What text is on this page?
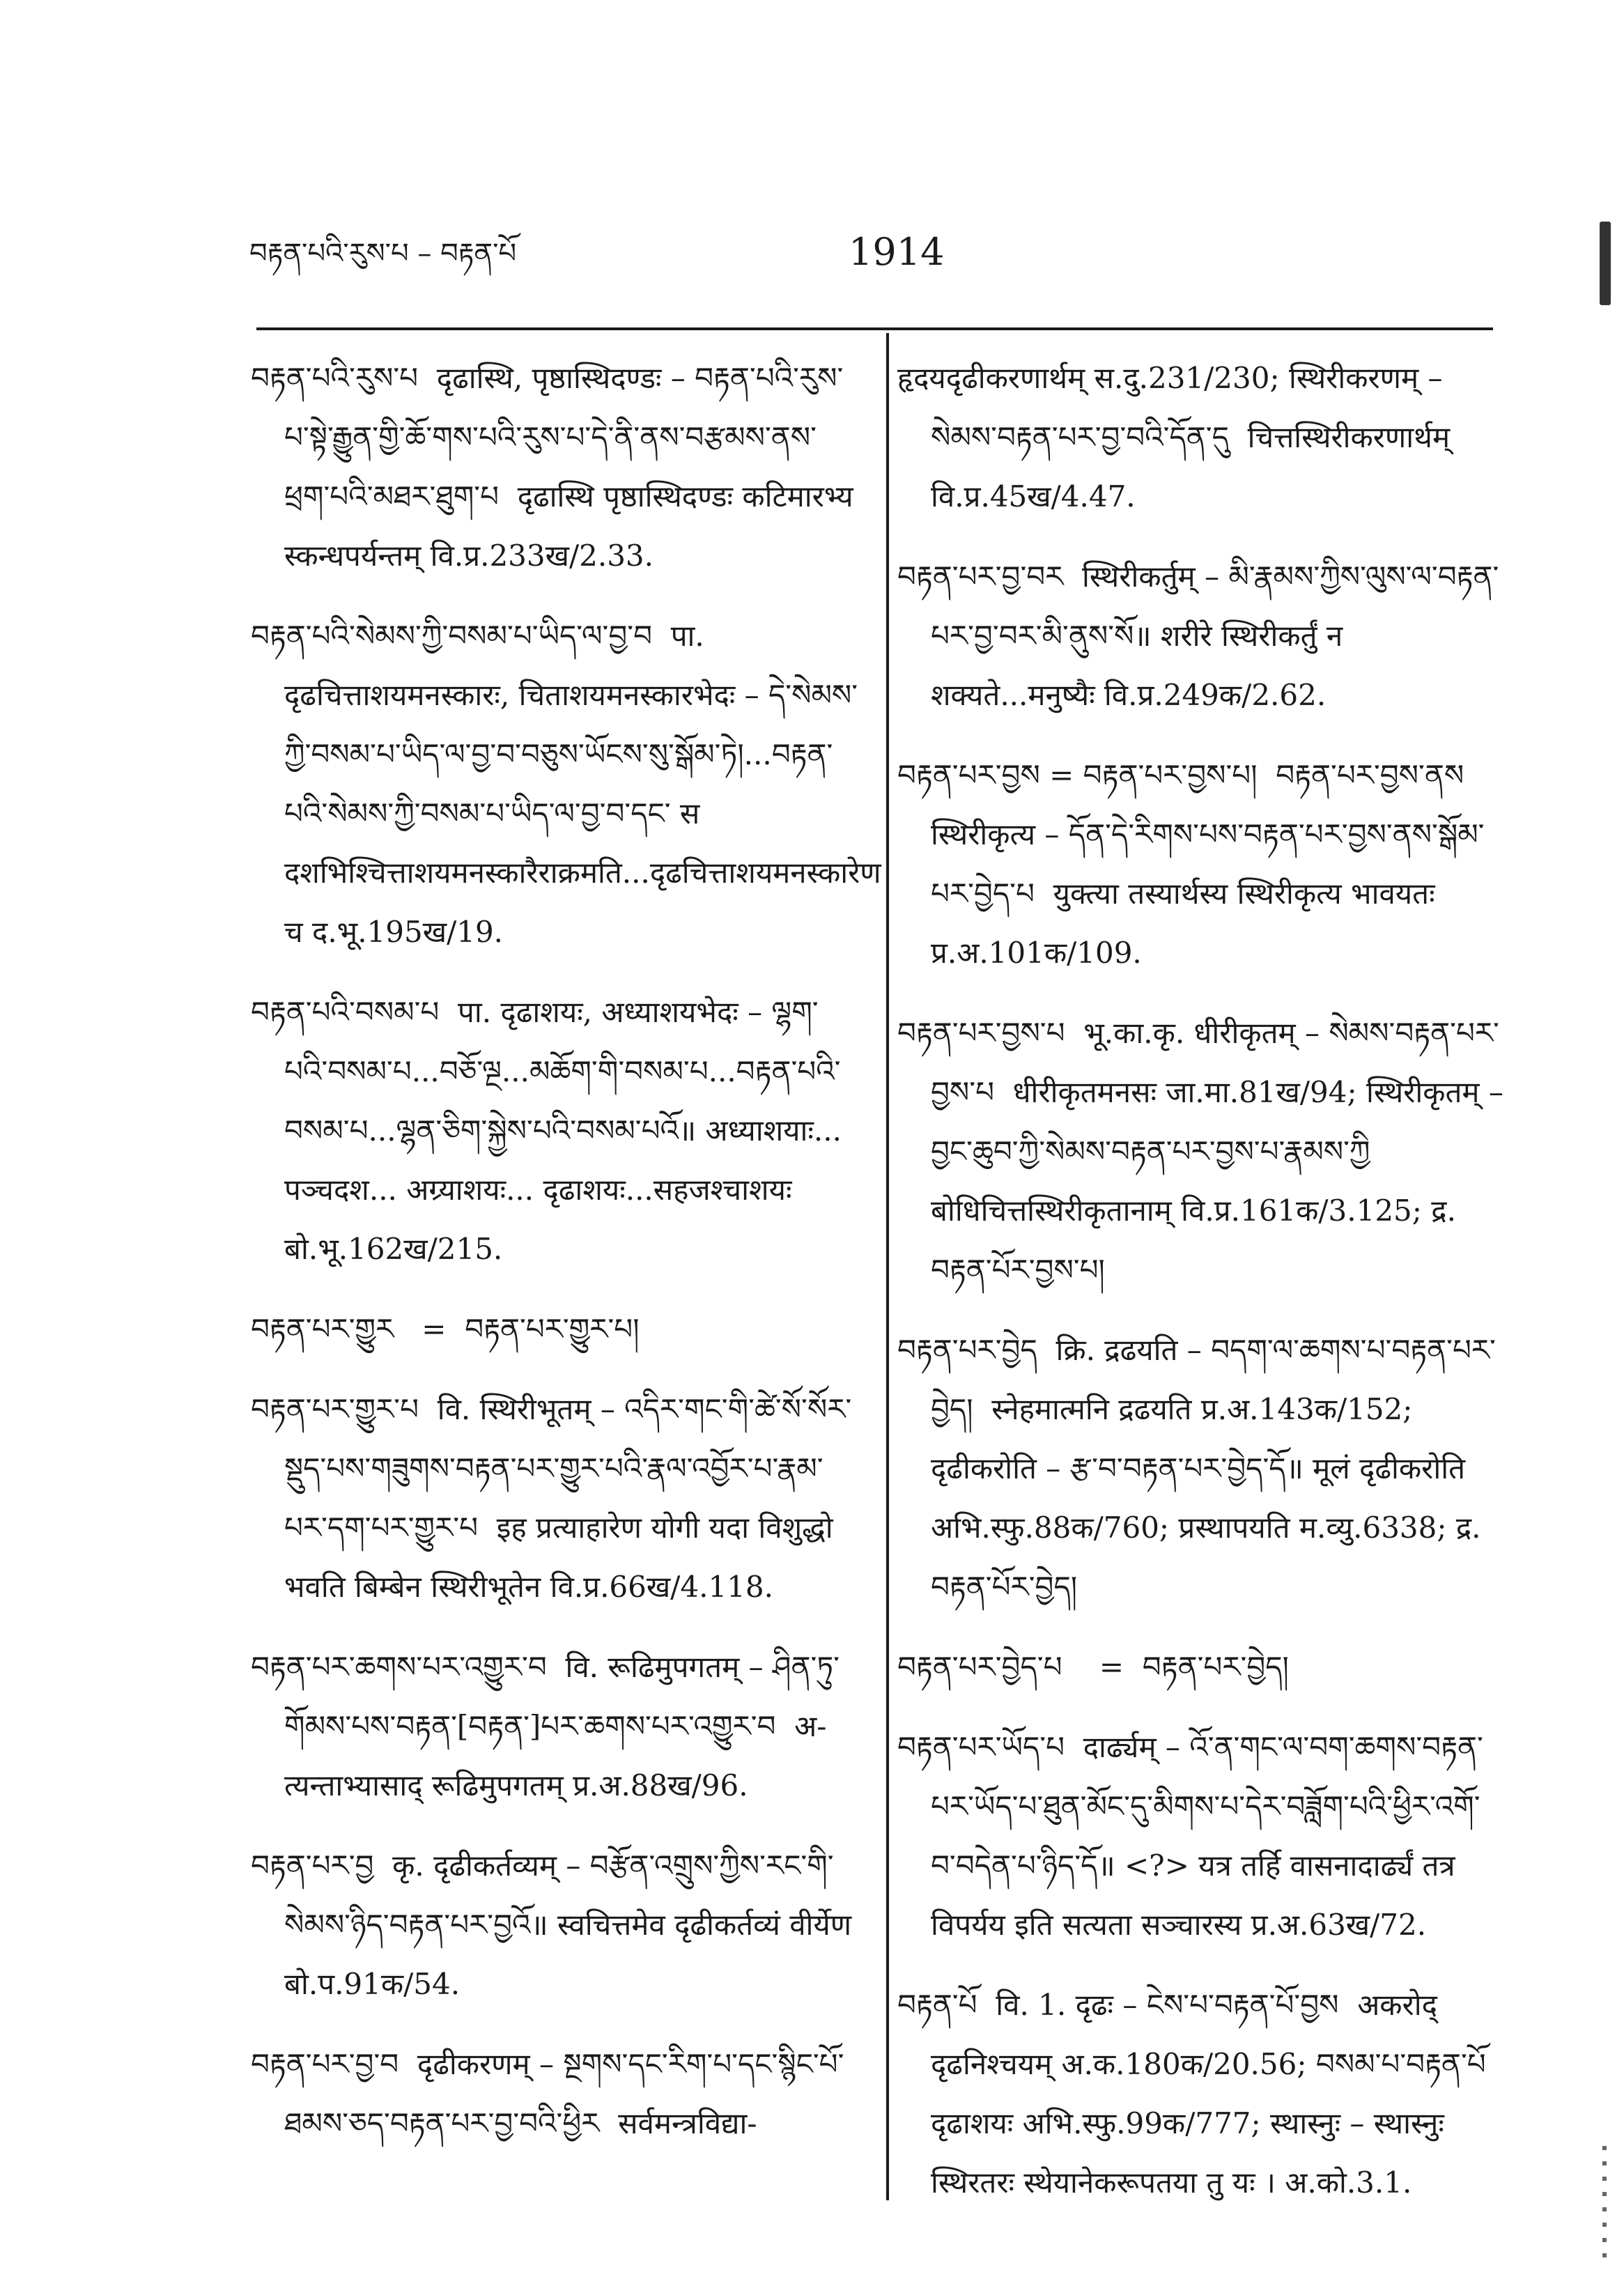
བརྟན་པའི་རུས་པ – བརྟན་པོ	1914

བརྟན་པའི་རུས་པ  दृढास्थि, पृष्ठास्थिदण्डः – བརྟན་པའི་རུས་པ་སྟེ་རྒྱུན་གྱི་ཆོ་གས་པའི་རུས་པ་དེ་ནི་ནས་བརྩམས་ནས་ཕྲག་པའི་མཐར་ཐུག་པ  दृढास्थि पृष्ठास्थिदण्डः कटिमारभ्य स्कन्धपर्यन्तम् वि.प्र.233ख/2.33.

བརྟན་པའི་སེམས་ཀྱི་བསམ་པ་ཡིད་ལ་བྱ་བ  पा. दृढचित्ताशयमनस्कारः, चिताशयमनस्कारभेदः – དེ་སེམས་ཀྱི་བསམ་པ་ཡིད་ལ་བྱ་བ་བཅུས་ཡོངས་སུ་སྒོམ་ཏེ།...བརྟན་པའི་སེམས་ཀྱི་བསམ་པ་ཡིད་ལ་བྱ་བ་དང་ स दशभिश्चित्ताशयमनस्कारैराक्रमति...दृढचित्ताशयमनस्कारेण च द.भू.195ख/19.

བརྟན་པའི་བསམ་པ  पा. दृढाशयः, अध्याशयभेदः – ལྷག་པའི་བསམ་པ...བཅོ་ལྔ...མཆོག་གི་བསམ་པ...བརྟན་པའི་བསམ་པ...ལྷན་ཅིག་སྐྱེས་པའི་བསམ་པའོ॥ अध्याशयाः... पञ्चदश... अग्र्याशयः... दृढाशयः...सहजश्चाशयः बो.भू.162ख/215.

བརྟན་པར་གྱུར   =  བརྟན་པར་གྱུར་པ།

བརྟན་པར་གྱུར་པ  वि. स्थिरीभूतम् – འདིར་གང་གི་ཚེ་སོ་སོར་སྡུད་པས་གཟུགས་བརྟན་པར་གྱུར་པའི་རྣལ་འབྱོར་པ་རྣམ་པར་དག་པར་གྱུར་པ  इह प्रत्याहारेण योगी यदा विशुद्धो भवति बिम्बेन स्थिरीभूतेन वि.प्र.66ख/4.118.

བརྟན་པར་ཆགས་པར་འགྱུར་བ  वि. रूढिमुपगतम् – ཤིན་ཏུ་གོམས་པས་བརྟན་[བརྟན་]པར་ཆགས་པར་འགྱུར་བ  अ- त्यन्ताभ्यासाद् रूढिमुपगतम् प्र.अ.88ख/96.

བརྟན་པར་བྱ  कृ. दृढीकर्तव्यम् – བརྩོན་འགྲུས་ཀྱིས་རང་གི་སེམས་ཉིད་བརྟན་པར་བྱའོ॥ स्वचित्तमेव दृढीकर्तव्यं वीर्येण बो.प.91क/54.

བརྟན་པར་བྱ་བ  दृढीकरणम् – སྔགས་དང་རིག་པ་དང་སྙིང་པོ་ཐམས་ཅད་བརྟན་པར་བྱ་བའི་ཕྱིར  सर्वमन्त्रविद्या-

हृदयदृढीकरणार्थम् स.दु.231/230; स्थिरीकरणम् – སེམས་བརྟན་པར་བྱ་བའི་དོན་དུ  चित्तस्थिरीकरणार्थम् वि.प्र.45ख/4.47.

བརྟན་པར་བྱ་བར  स्थिरीकर्तुम् – མི་རྣམས་ཀྱིས་ལུས་ལ་བརྟན་པར་བྱ་བར་མི་ནུས་སོ॥ शरीरे स्थिरीकर्तुं न शक्यते...मनुष्यैः वि.प्र.249क/2.62.

བརྟན་པར་བྱས = བརྟན་པར་བྱས་པ།  བརྟན་པར་བྱས་ནས  स्थिरीकृत्य – དོན་དེ་རིགས་པས་བརྟན་པར་བྱས་ནས་སྒོམ་པར་བྱེད་པ  युक्त्या तस्यार्थस्य स्थिरीकृत्य भावयतः प्र.अ.101क/109.

བརྟན་པར་བྱས་པ  भू.का.कृ. धीरीकृतम् – སེམས་བརྟན་པར་བྱས་པ  धीरीकृतमनसः जा.मा.81ख/94; स्थिरीकृतम् – བྱང་ཆུབ་ཀྱི་སེམས་བརྟན་པར་བྱས་པ་རྣམས་ཀྱི  बोधिचित्तस्थिरीकृतानाम् वि.प्र.161क/3.125; द्र. བརྟན་པོར་བྱས་པ།

བརྟན་པར་བྱེད  क्रि. द्रढयति – བདག་ལ་ཆགས་པ་བརྟན་པར་བྱེད།  स्नेहमात्मनि द्रढयति प्र.अ.143क/152; दृढीकरोति – རྩ་བ་བརྟན་པར་བྱེད་དོ॥ मूलं दृढीकरोति अभि.स्फु.88क/760; प्रस्थापयति म.व्यु.6338; द्र. བརྟན་པོར་བྱེད།

བརྟན་པར་བྱེད་པ    =  བརྟན་པར་བྱེད།

བརྟན་པར་ཡོད་པ  दार्ढ्यम् – འོ་ན་གང་ལ་བག་ཆགས་བརྟན་པར་ཡོད་པ་ཐུན་མོང་དུ་མིགས་པ་དེར་བཟློག་པའི་ཕྱིར་འགོ་བ་བདེན་པ་ཉིད་དོ॥ <?> यत्र तर्हि वासनादार्ढ्यं तत्र विपर्यय इति सत्यता सञ्चारस्य प्र.अ.63ख/72.

བརྟན་པོ  वि. 1. दृढः – ངེས་པ་བརྟན་པོ་བྱས  अकरोद् दृढनिश्चयम् अ.क.180क/20.56; བསམ་པ་བརྟན་པོ  दृढाशयः अभि.स्फु.99क/777; स्थास्नुः – स्थास्नुः स्थिरतरः स्थेयानेकरूपतया तु यः । अ.को.3.1.
